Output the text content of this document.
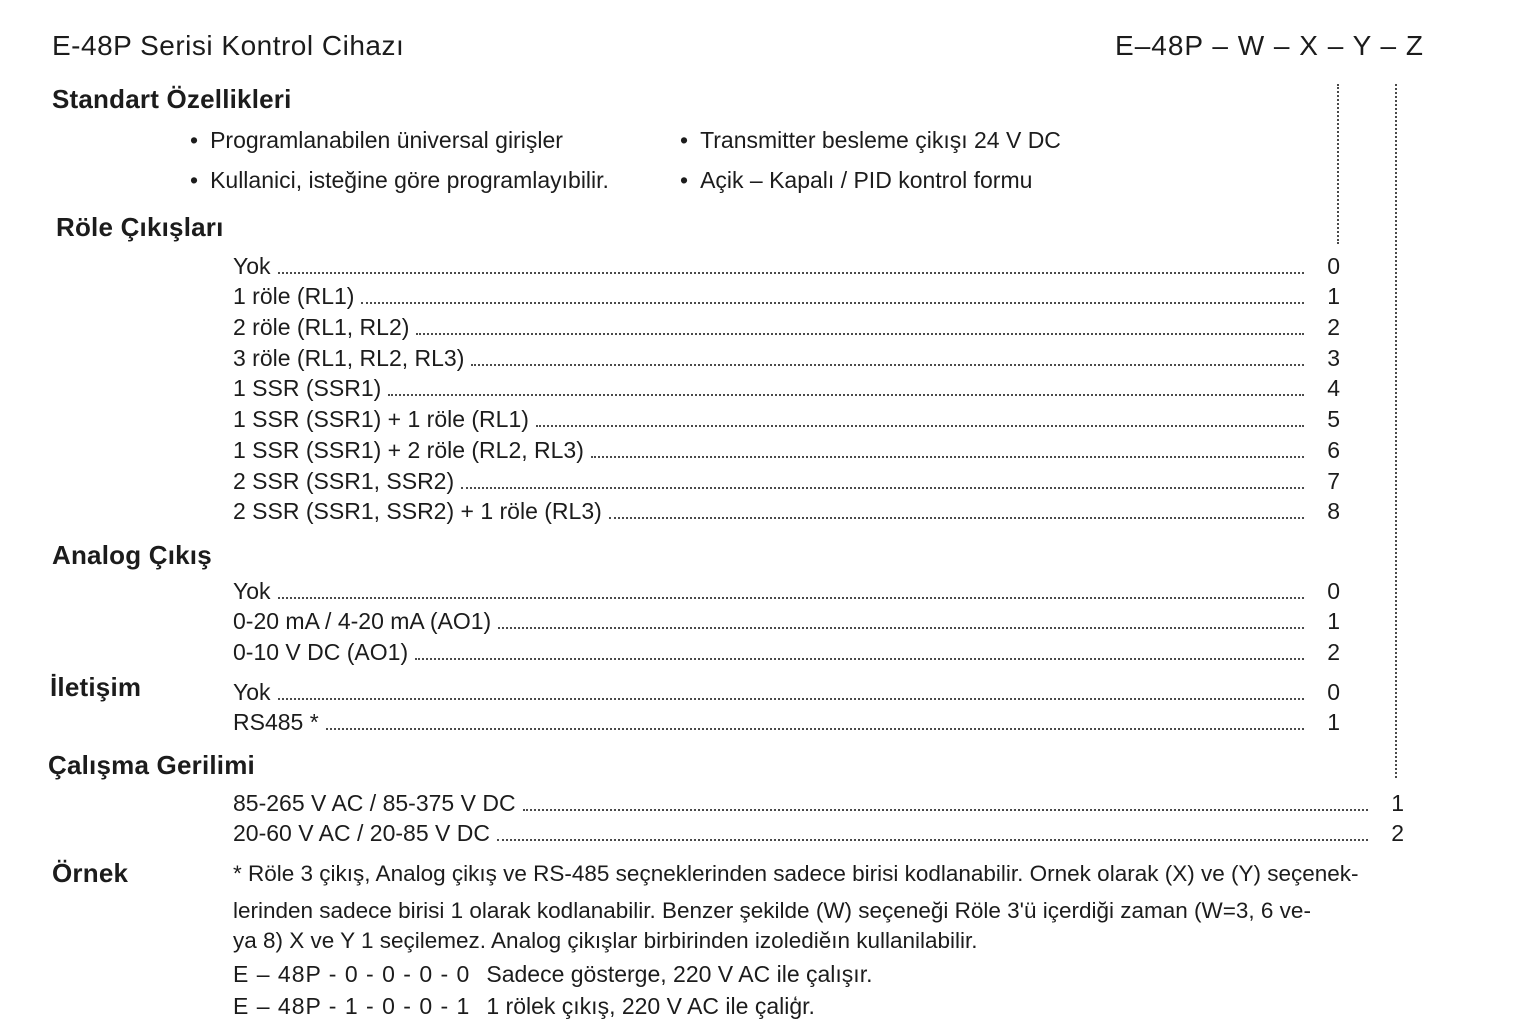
E-48P Serisi Kontrol Cihazı	E–48P – W – X – Y – Z
Standart Özellikleri
• Programlanabilen üniversal girişler
• Kullanici, isteğine göre programlayıbilir.
• Transmitter besleme çikışı 24 V DC
• Açik – Kapalı / PID kontrol formu
Röle Çıkışları
Yok	0
1 röle (RL1)	1
2 röle (RL1, RL2)	2
3 röle (RL1, RL2, RL3)	3
1 SSR (SSR1)	4
1 SSR (SSR1) + 1 röle (RL1)	5
1 SSR (SSR1) + 2 röle (RL2, RL3)	6
2 SSR (SSR1, SSR2)	7
2 SSR (SSR1, SSR2) + 1 röle (RL3)	8
Analog Çıkış
Yok	0
0-20 mA / 4-20 mA (AO1)	1
0-10 V DC (AO1)	2
İletişim	Yok	0
RS485 *	1
Çalışma Gerilimi
85-265 V AC / 85-375 V DC	1
20-60 V AC / 20-85 V DC	2
Örnek	* Röle 3 çikış, Analog çikış ve RS-485 seçneklerinden sadece birisi kodlanabilir. Ornek olarak (X) ve (Y) seçenek-
lerinden sadece birisi 1 olarak kodlanabilir. Benzer şekilde (W) seçeneği Röle 3'ü içerdiği zaman (W=3, 6 ve-
ya 8) X ve Y 1 seçilemez. Analog çikışlar birbirinden izolediĕın kullanilabilir.
E – 48P - 0 - 0 - 0 - 0 Sadece gösterge, 220 V AC ile çalışır.
E – 48P - 1 - 0 - 0 - 1 1 rölek çıkış, 220 V AC ile çaliģr.
